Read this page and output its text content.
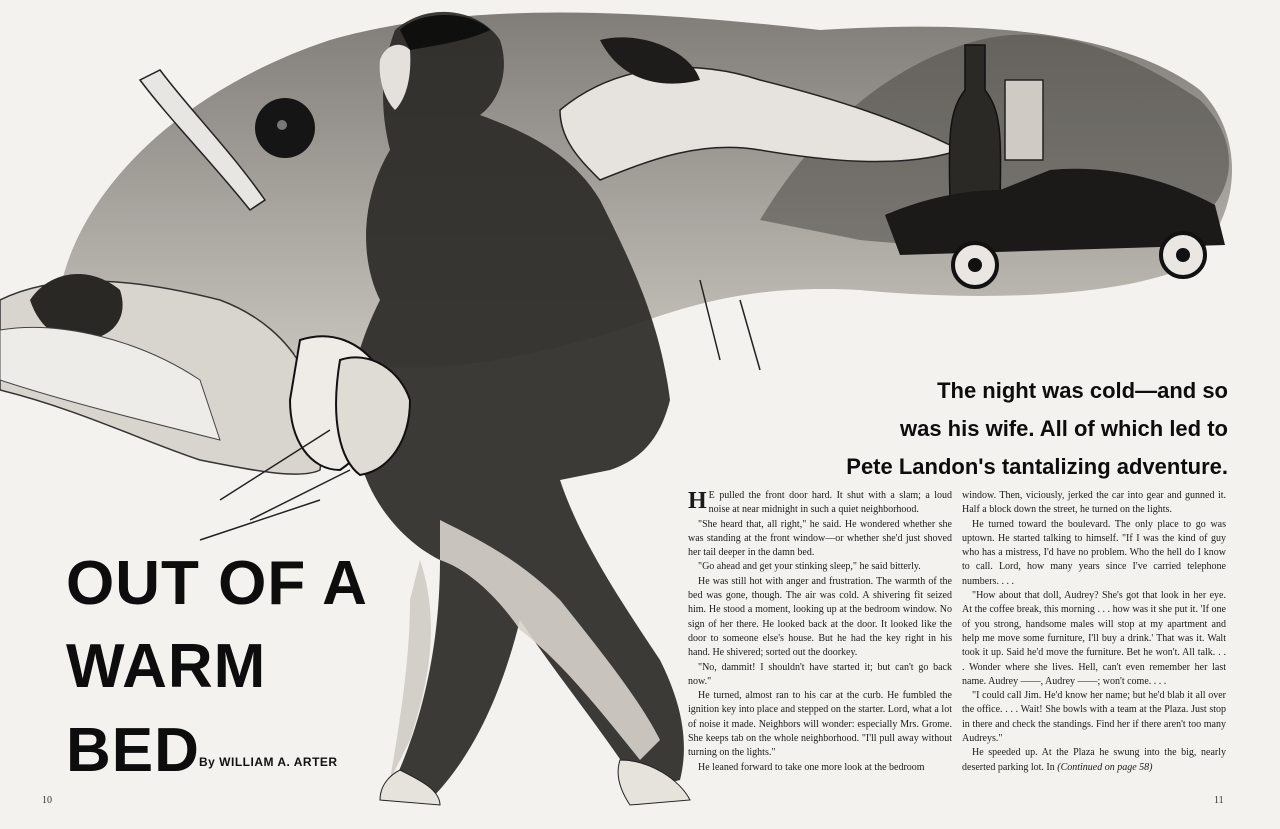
OUT OF A
WARM
BED By WILLIAM A. ARTER
The night was cold—and so
was his wife. All of which led to
Pete Landon's tantalizing adventure.

H E pulled the front door hard. It shut with a slam; a loud noise at near midnight in such a quiet neighborhood.

"She heard that, all right," he said. He wondered whether she was standing at the front window—or whether she'd just shoved her tail deeper in the damn bed.

"Go ahead and get your stinking sleep," he said bitterly.

He was still hot with anger and frustration. The warmth of the bed was gone, though. The air was cold. A shivering fit seized him. He stood a moment, looking up at the bedroom window. No sign of her there. He looked back at the door. It looked like the door to someone else's house. But he had the key right in his hand. He shivered; sorted out the doorkey.

"No, dammit! I shouldn't have started it; but can't go back now."

He turned, almost ran to his car at the curb. He fumbled the ignition key into place and stepped on the starter. Lord, what a lot of noise it made. Neighbors will wonder: especially Mrs. Grome. She keeps tab on the whole neighborhood. "I'll pull away without turning on the lights."

He leaned forward to take one more look at the bedroom

window. Then, viciously, jerked the car into gear and gunned it. Half a block down the street, he turned on the lights.

He turned toward the boulevard. The only place to go was uptown. He started talking to himself. "If I was the kind of guy who has a mistress, I'd have no problem. Who the hell do I know to call. Lord, how many years since I've carried telephone numbers. . . .

"How about that doll, Audrey? She's got that look in her eye. At the coffee break, this morning . . . how was it she put it. 'If one of you strong, handsome males will stop at my apartment and help me move some furniture, I'll buy a drink.' That was it. Walt took it up. Said he'd move the furniture. Bet he won't. All talk. . . . Wonder where she lives. Hell, can't even remember her last name. Audrey ——, Audrey ——; won't come. . . .

"I could call Jim. He'd know her name; but he'd blab it all over the office. . . . Wait! She bowls with a team at the Plaza. Just stop in there and check the standings. Find her if there aren't too many Audreys."

He speeded up. At the Plaza he swung into the big, nearly deserted parking lot. In (Continued on page 58)

10	11
